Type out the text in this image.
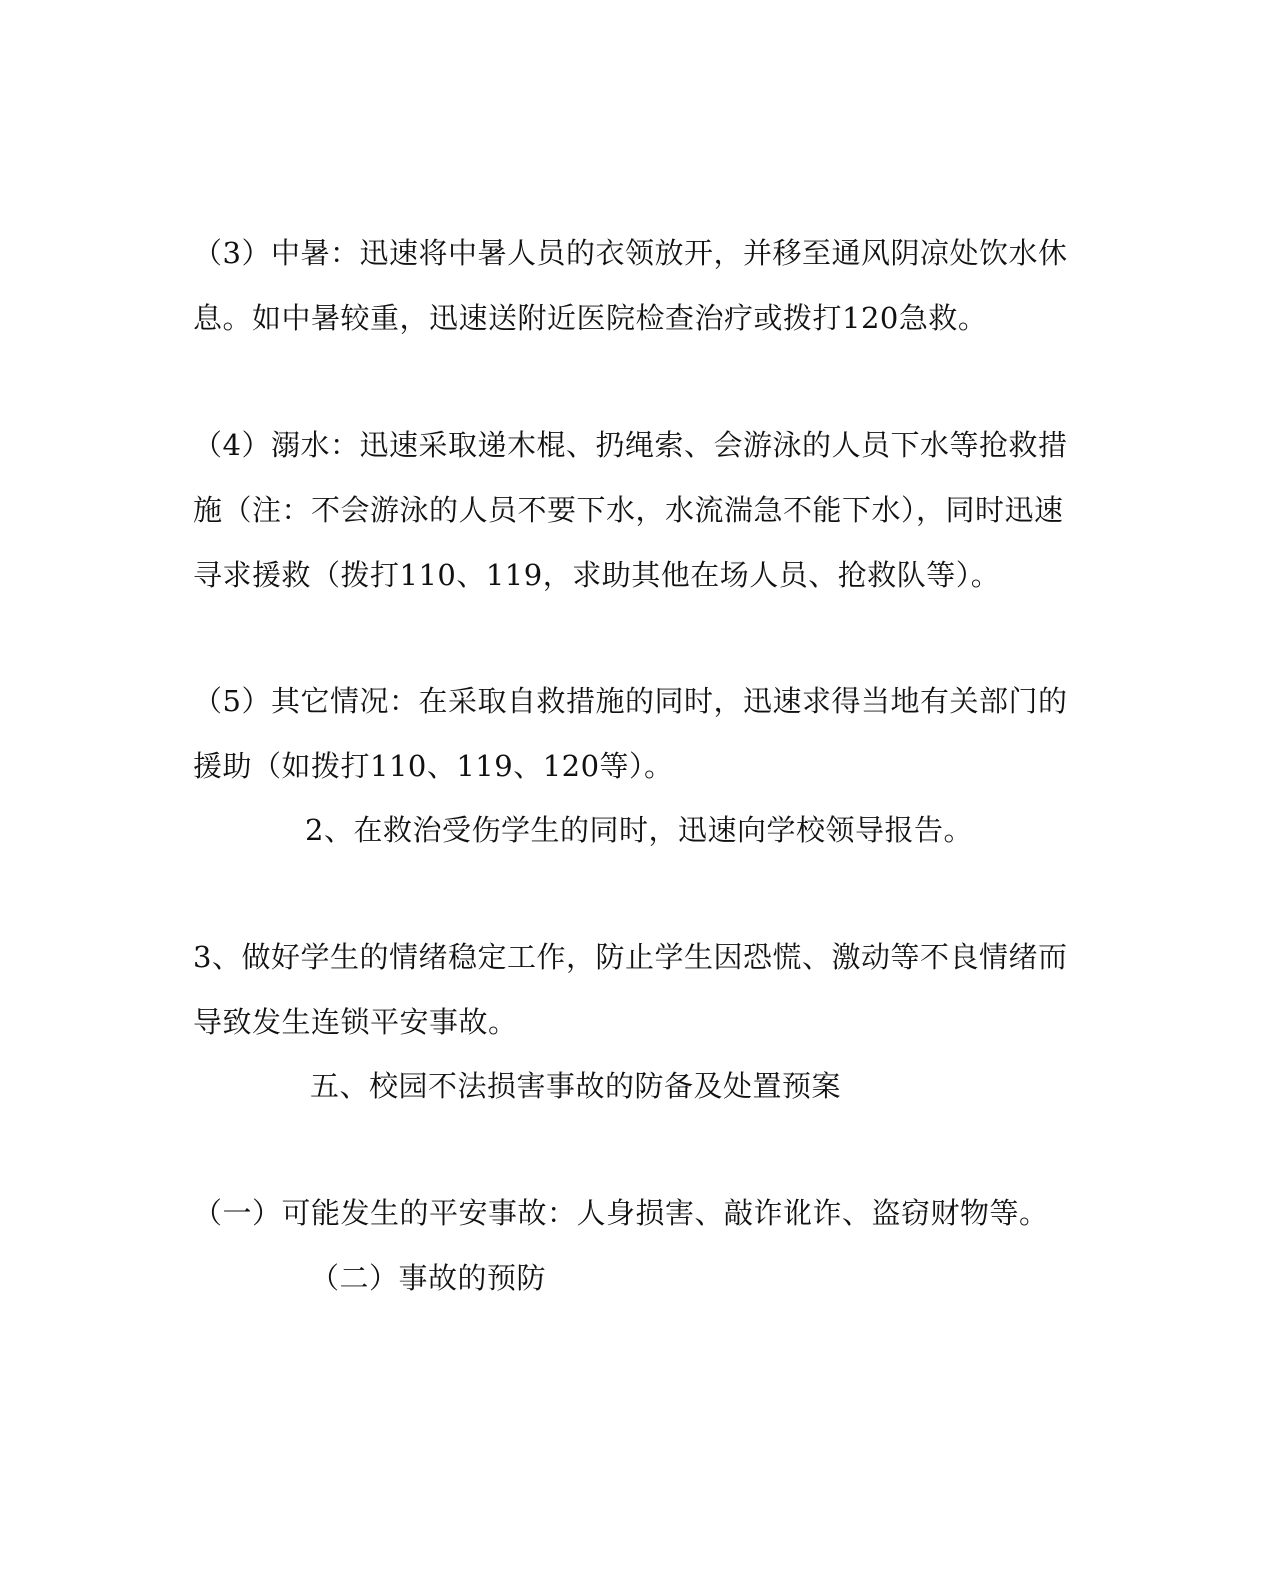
（3）中暑：迅速将中暑人员的衣领放开，并移至通风阴凉处饮水休
息。如中暑较重，迅速送附近医院检查治疗或拨打120急救。
（4）溺水：迅速采取递木棍、扔绳索、会游泳的人员下水等抢救措
施（注：不会游泳的人员不要下水，水流湍急不能下水），同时迅速
寻求援救（拨打110、119，求助其他在场人员、抢救队等）。
（5）其它情况：在采取自救措施的同时，迅速求得当地有关部门的
援助（如拨打110、119、120等）。
2、在救治受伤学生的同时，迅速向学校领导报告。
3、做好学生的情绪稳定工作，防止学生因恐慌、激动等不良情绪而
导致发生连锁平安事故。
五、校园不法损害事故的防备及处置预案
（一）可能发生的平安事故：人身损害、敲诈讹诈、盗窃财物等。
（二）事故的预防
